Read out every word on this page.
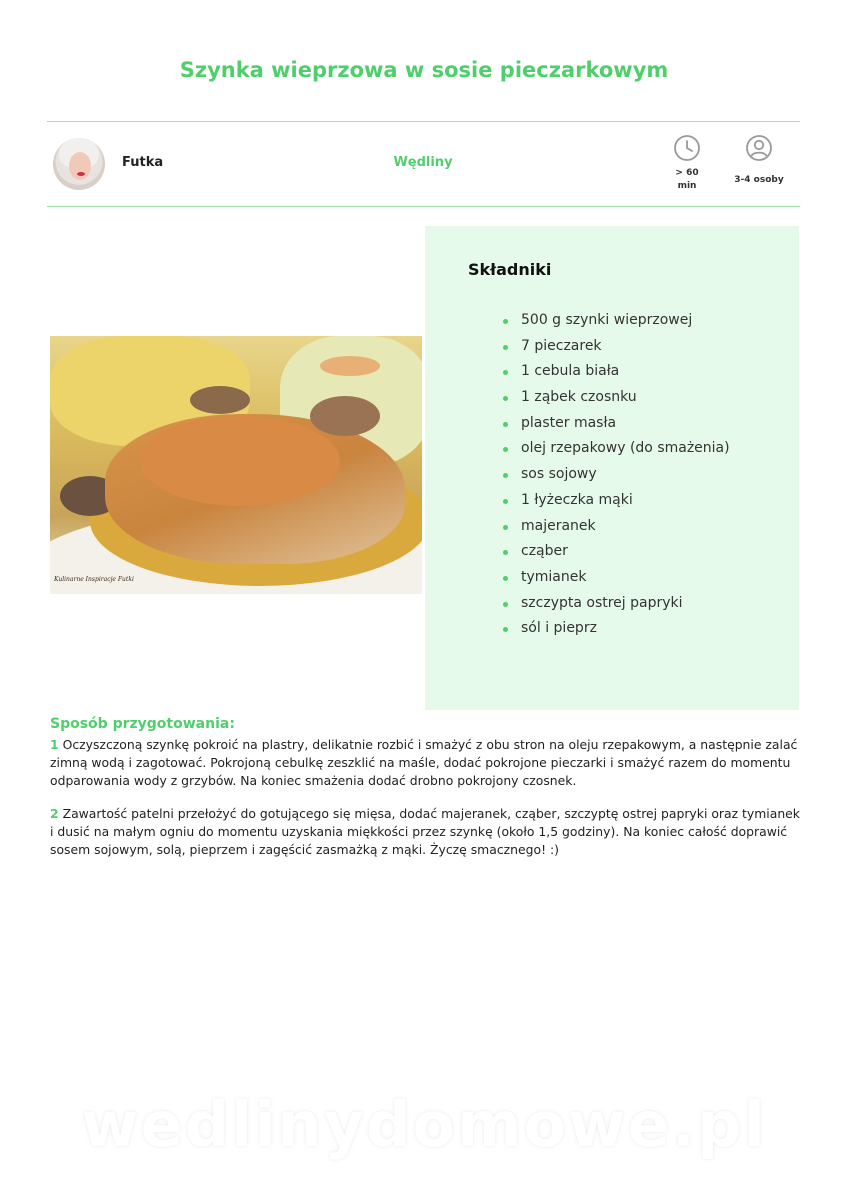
Szynka wieprzowa w sosie pieczarkowym
Futka	Wędliny
> 60 min
3-4 osoby
Kulinarne Inspiracje Futki
Składniki
500 g szynki wieprzowej
7 pieczarek
1 cebula biała
1 ząbek czosnku
plaster masła
olej rzepakowy (do smażenia)
sos sojowy
1 łyżeczka mąki
majeranek
cząber
tymianek
szczypta ostrej papryki
sól i pieprz
Sposób przygotowania:

1 Oczyszczoną szynkę pokroić na plastry, delikatnie rozbić i smażyć z obu stron na oleju rzepakowym, a następnie zalać zimną wodą i zagotować. Pokrojoną cebulkę zeszklić na maśle, dodać pokrojone pieczarki i smażyć razem do momentu odparowania wody z grzybów. Na koniec smażenia dodać drobno pokrojony czosnek.

2 Zawartość patelni przełożyć do gotującego się mięsa, dodać majeranek, cząber, szczyptę ostrej papryki oraz tymianek i dusić na małym ogniu do momentu uzyskania miękkości przez szynkę (około 1,5 godziny). Na koniec całość doprawić sosem sojowym, solą, pieprzem i zagęścić zasmażką z mąki. Życzę smacznego! :)

wedlinydomowe.pl
